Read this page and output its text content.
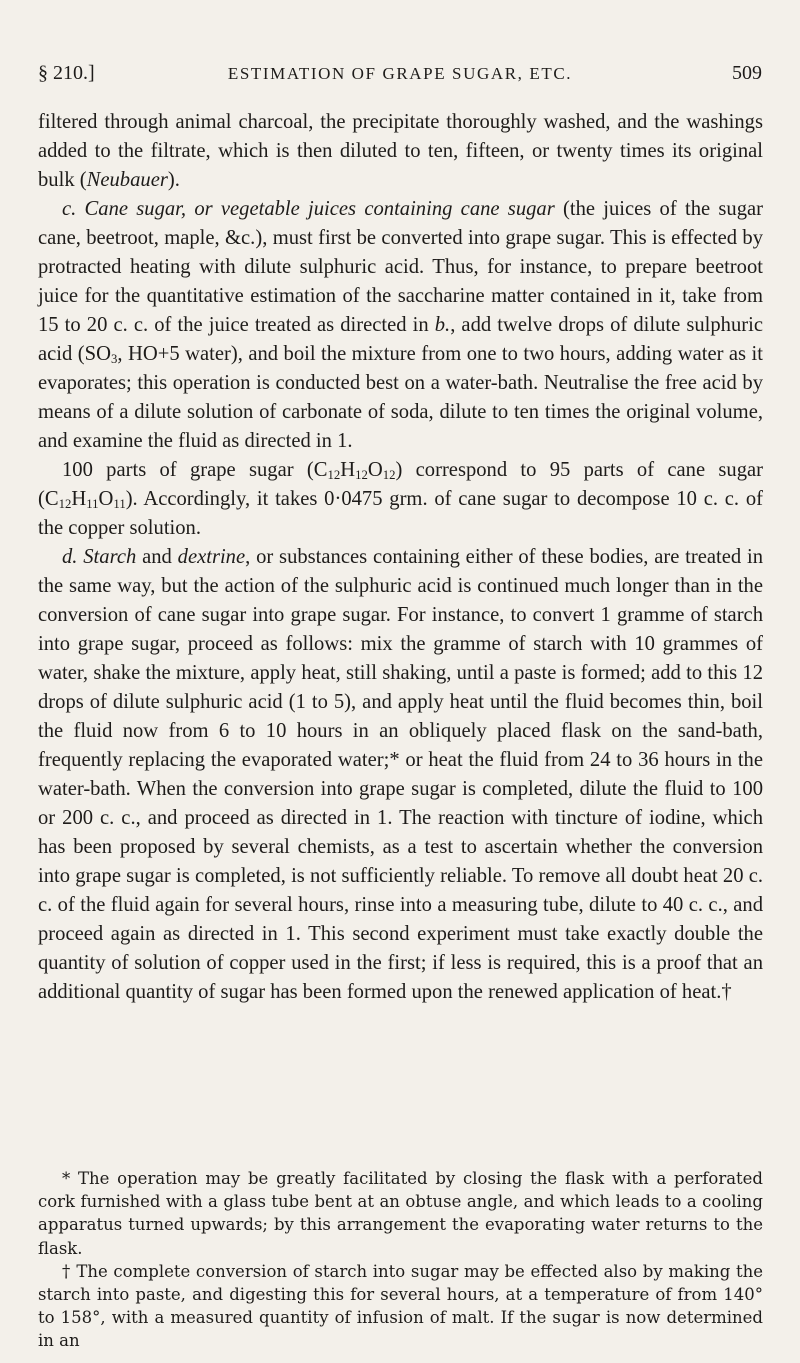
§ 210.]	ESTIMATION OF GRAPE SUGAR, ETC.	509

filtered through animal charcoal, the precipitate thoroughly washed, and the washings added to the filtrate, which is then diluted to ten, fifteen, or twenty times its original bulk (Neubauer).

c. Cane sugar, or vegetable juices containing cane sugar (the juices of the sugar cane, beetroot, maple, &c.), must first be converted into grape sugar. This is effected by protracted heating with dilute sulphuric acid. Thus, for instance, to prepare beetroot juice for the quantitative estimation of the saccharine matter contained in it, take from 15 to 20 c. c. of the juice treated as directed in b., add twelve drops of dilute sulphuric acid ($SO_3$, HO+5 water), and boil the mixture from one to two hours, adding water as it evaporates; this operation is conducted best on a water-bath. Neutralise the free acid by means of a dilute solution of carbonate of soda, dilute to ten times the original volume, and examine the fluid as directed in 1.

100 parts of grape sugar $(C_{12}H_{12}O_{12})$ correspond to 95 parts of cane sugar $(C_{12}H_{11}O_{11})$. Accordingly, it takes 0·0475 grm. of cane sugar to decompose 10 c. c. of the copper solution.

d. Starch and dextrine, or substances containing either of these bodies, are treated in the same way, but the action of the sulphuric acid is continued much longer than in the conversion of cane sugar into grape sugar. For instance, to convert 1 gramme of starch into grape sugar, proceed as follows: mix the gramme of starch with 10 grammes of water, shake the mixture, apply heat, still shaking, until a paste is formed; add to this 12 drops of dilute sulphuric acid (1 to 5), and apply heat until the fluid becomes thin, boil the fluid now from 6 to 10 hours in an obliquely placed flask on the sand-bath, frequently replacing the evaporated water;* or heat the fluid from 24 to 36 hours in the water-bath. When the conversion into grape sugar is completed, dilute the fluid to 100 or 200 c. c., and proceed as directed in 1. The reaction with tincture of iodine, which has been proposed by several chemists, as a test to ascertain whether the conversion into grape sugar is completed, is not sufficiently reliable. To remove all doubt heat 20 c. c. of the fluid again for several hours, rinse into a measuring tube, dilute to 40 c. c., and proceed again as directed in 1. This second experiment must take exactly double the quantity of solution of copper used in the first; if less is required, this is a proof that an additional quantity of sugar has been formed upon the renewed application of heat.†

* The operation may be greatly facilitated by closing the flask with a perforated cork furnished with a glass tube bent at an obtuse angle, and which leads to a cooling apparatus turned upwards; by this arrangement the evaporating water returns to the flask.

† The complete conversion of starch into sugar may be effected also by making the starch into paste, and digesting this for several hours, at a temperature of from 140° to 158°, with a measured quantity of infusion of malt. If the sugar is now determined in an
